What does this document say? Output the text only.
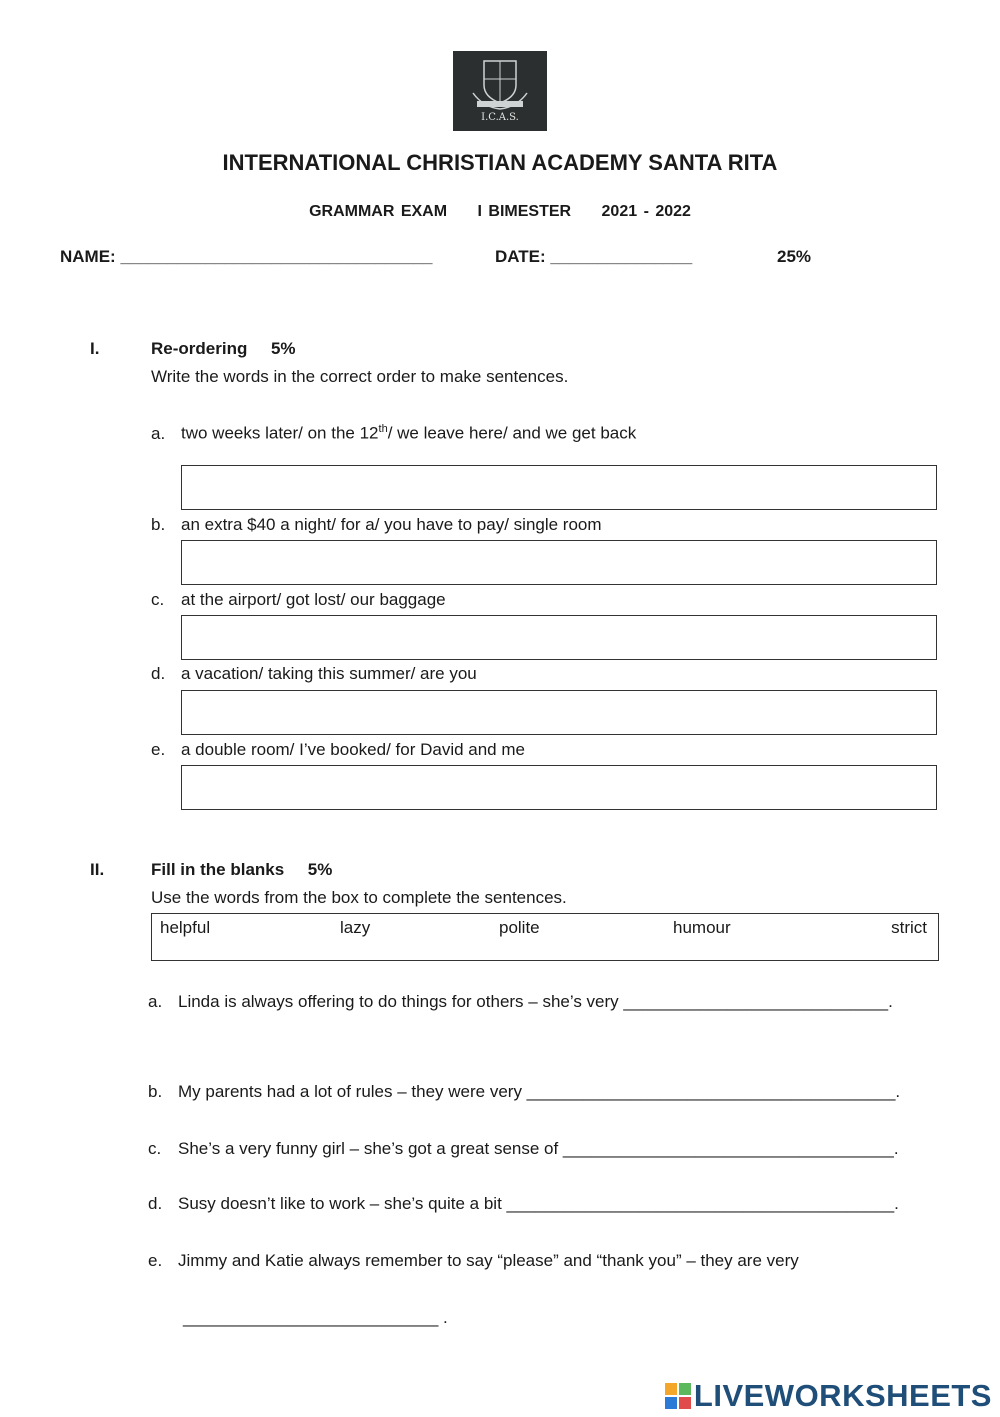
I.C.A.S.
INTERNATIONAL CHRISTIAN ACADEMY SANTA RITA
GRAMMAR EXAM I BIMESTER 2021 - 2022
NAME: _________________________________	DATE: _______________	25%
I.	Re-ordering     5%
Write the words in the correct order to make sentences.
a. two weeks later/ on the 12th/ we leave here/ and we get back
b. an extra $40 a night/ for a/ you have to pay/ single room
c. at the airport/ got lost/ our baggage
d. a vacation/ taking this summer/ are you
e. a double room/ I’ve booked/ for David and me
II.	Fill in the blanks     5%
Use the words from the box to complete the sentences.
helpful	lazy	polite	humour	strict
a. Linda is always offering to do things for others – she’s very ____________________________.
b. My parents had a lot of rules – they were very _______________________________________.
c. She’s a very funny girl – she’s got a great sense of ___________________________________.
d. Susy doesn’t like to work – she’s quite a bit _________________________________________.
e. Jimmy and Katie always remember to say “please” and “thank you” – they are very
___________________________ .
LIVEWORKSHEETS
